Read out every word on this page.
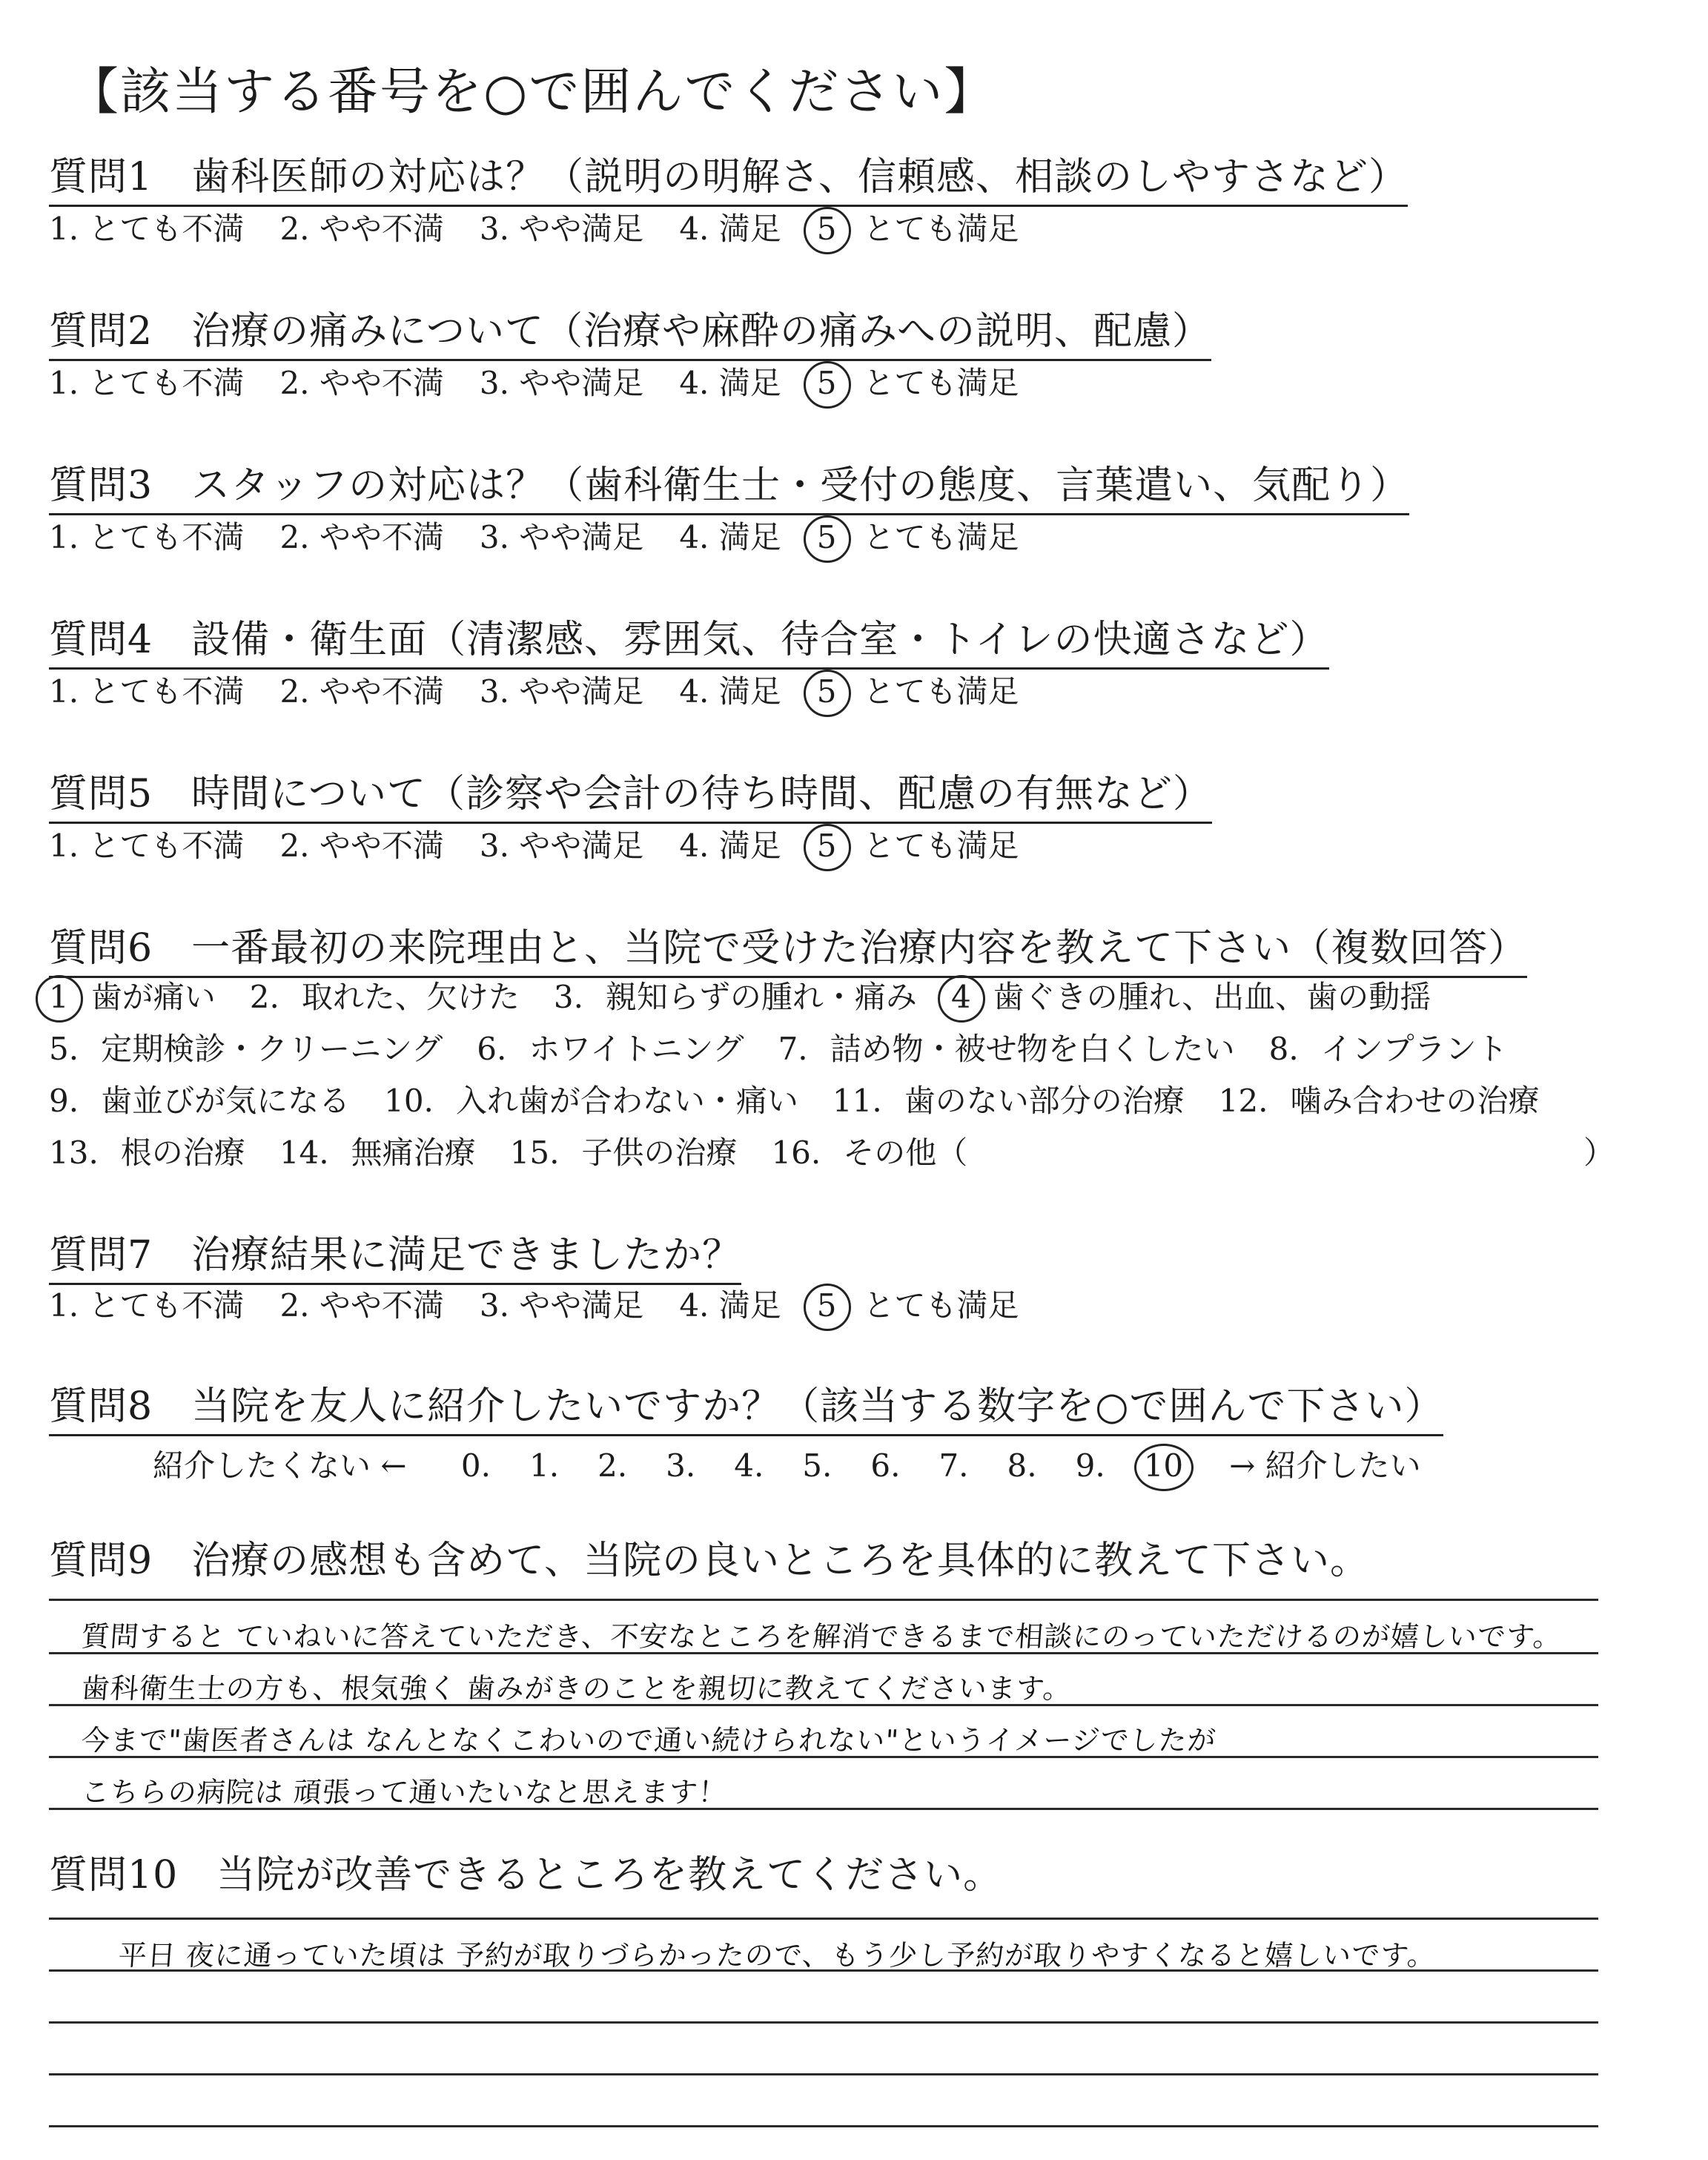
【該当する番号を○で囲んでください】
質問1 歯科医師の対応は？（説明の明解さ、信頼感、相談のしやすさなど）
1. とても不満 2. やや不満 3. やや満足 4. 満足 5 とても満足
質問2 治療の痛みについて（治療や麻酔の痛みへの説明、配慮）
1. とても不満 2. やや不満 3. やや満足 4. 満足 5 とても満足
質問3 スタッフの対応は？（歯科衛生士・受付の態度、言葉遣い、気配り）
1. とても不満 2. やや不満 3. やや満足 4. 満足 5 とても満足
質問4 設備・衛生面（清潔感、雰囲気、待合室・トイレの快適さなど）
1. とても不満 2. やや不満 3. やや満足 4. 満足 5 とても満足
質問5 時間について（診察や会計の待ち時間、配慮の有無など）
1. とても不満 2. やや不満 3. やや満足 4. 満足 5 とても満足
質問6 一番最初の来院理由と、当院で受けた治療内容を教えて下さい（複数回答）
1 歯が痛い 2. 取れた、欠けた 3. 親知らずの腫れ・痛み 4 歯ぐきの腫れ、出血、歯の動揺
5. 定期検診・クリーニング 6. ホワイトニング 7. 詰め物・被せ物を白くしたい 8. インプラント
9. 歯並びが気になる 10. 入れ歯が合わない・痛い 11. 歯のない部分の治療 12. 噛み合わせの治療
13. 根の治療 14. 無痛治療 15. 子供の治療 16. その他（	）
質問7 治療結果に満足できましたか？
1. とても不満 2. やや不満 3. やや満足 4. 満足 5 とても満足
質問8 当院を友人に紹介したいですか？（該当する数字を○で囲んで下さい）
紹介したくない ← 0. 1. 2. 3. 4. 5. 6. 7. 8. 9. 10 → 紹介したい
質問9 治療の感想も含めて、当院の良いところを具体的に教えて下さい。
質問すると ていねいに答えていただき、不安なところを解消できるまで相談にのっていただけるのが嬉しいです。
歯科衛生士の方も、根気強く 歯みがきのことを親切に教えてくださいます。
今まで"歯医者さんは なんとなくこわいので通い続けられない"というイメージでしたが
こちらの病院は 頑張って通いたいなと思えます！
質問10 当院が改善できるところを教えてください。
平日 夜に通っていた頃は 予約が取りづらかったので、もう少し予約が取りやすくなると嬉しいです。
